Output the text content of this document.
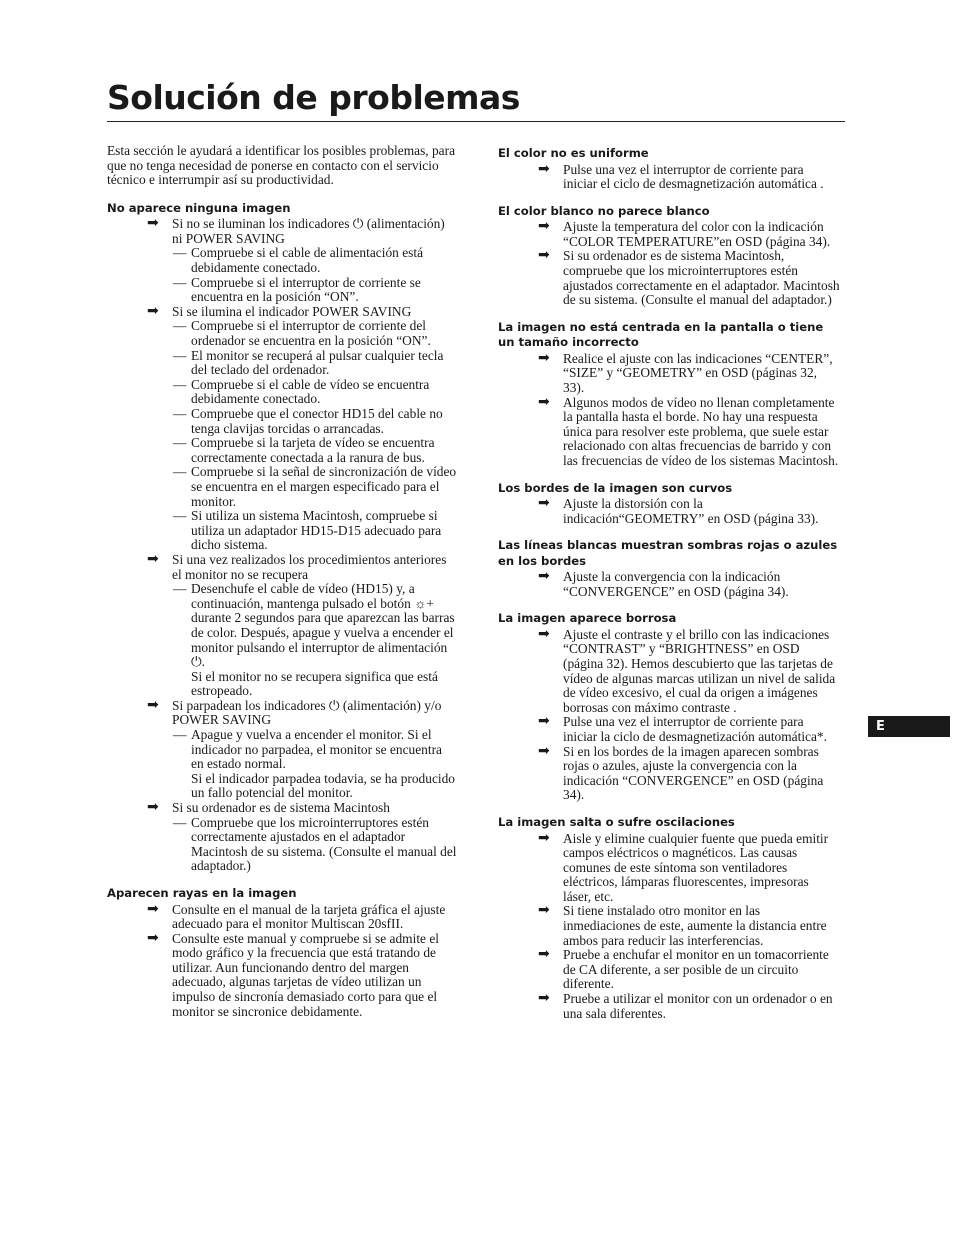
Solución de problemas

Esta sección le ayudará a identificar los posibles problemas, para que no tenga necesidad de ponerse en contacto con el servicio técnico e interrumpir así su productividad.

No aparece ninguna imagen
➡ Si no se iluminan los indicadores ⏻ (alimentación) ni POWER SAVING
— Compruebe si el cable de alimentación está debidamente conectado.
— Compruebe si el interruptor de corriente se encuentra en la posición “ON”.
➡ Si se ilumina el indicador POWER SAVING
— Compruebe si el interruptor de corriente del ordenador se encuentra en la posición “ON”.
— El monitor se recuperá al pulsar cualquier tecla del teclado del ordenador.
— Compruebe si el cable de vídeo se encuentra debidamente conectado.
— Compruebe que el conector HD15 del cable no tenga clavijas torcidas o arrancadas.
— Compruebe si la tarjeta de vídeo se encuentra correctamente conectada a la ranura de bus.
— Compruebe si la señal de sincronización de vídeo se encuentra en el margen especificado para el monitor.
— Si utiliza un sistema Macintosh, compruebe si utiliza un adaptador HD15-D15 adecuado para dicho sistema.
➡ Si una vez realizados los procedimientos anteriores el monitor no se recupera
— Desenchufe el cable de vídeo (HD15) y, a continuación, mantenga pulsado el botón ☼+ durante 2 segundos para que aparezcan las barras de color. Después, apague y vuelva a encender el monitor pulsando el interruptor de alimentación ⏻.
Si el monitor no se recupera significa que está estropeado.
➡ Si parpadean los indicadores ⏻ (alimentación) y/o POWER SAVING
— Apague y vuelva a encender el monitor. Si el indicador no parpadea, el monitor se encuentra en estado normal.
Si el indicador parpadea todavia, se ha producido un fallo potencial del monitor.
➡ Si su ordenador es de sistema Macintosh
— Compruebe que los microinterruptores estén correctamente ajustados en el adaptador Macintosh de su sistema. (Consulte el manual del adaptador.)
Aparecen rayas en la imagen
➡ Consulte en el manual de la tarjeta gráfica el ajuste adecuado para el monitor Multiscan 20sfII.
➡ Consulte este manual y compruebe si se admite el modo gráfico y la frecuencia que está tratando de utilizar. Aun funcionando dentro del margen adecuado, algunas tarjetas de vídeo utilizan un impulso de sincronía demasiado corto para que el monitor se sincronice debidamente.
El color no es uniforme
➡ Pulse una vez el interruptor de corriente para iniciar el ciclo de desmagnetización automática .
El color blanco no parece blanco
➡ Ajuste la temperatura del color con la indicación “COLOR TEMPERATURE”en OSD (página 34).
➡ Si su ordenador es de sistema Macintosh, compruebe que los microinterruptores estén ajustados correctamente en el adaptador. Macintosh de su sistema. (Consulte el manual del adaptador.)
La imagen no está centrada en la pantalla o tiene un tamaño incorrecto
➡ Realice el ajuste con las indicaciones “CENTER”, “SIZE” y “GEOMETRY” en OSD (páginas 32, 33).
➡ Algunos modos de vídeo no llenan completamente la pantalla hasta el borde. No hay una respuesta única para resolver este problema, que suele estar relacionado con altas frecuencias de barrido y con las frecuencias de vídeo de los sistemas Macintosh.
Los bordes de la imagen son curvos
➡ Ajuste la distorsión con la indicación“GEOMETRY” en OSD (página 33).
Las líneas blancas muestran sombras rojas o azules en los bordes
➡ Ajuste la convergencia con la indicación “CONVERGENCE” en OSD (página 34).
La imagen aparece borrosa
➡ Ajuste el contraste y el brillo con las indicaciones “CONTRAST” y “BRIGHTNESS” en OSD (página 32). Hemos descubierto que las tarjetas de vídeo de algunas marcas utilizan un nivel de salida de vídeo excesivo, el cual da origen a imágenes borrosas con máximo contraste .
➡ Pulse una vez el interruptor de corriente para iniciar la ciclo de desmagnetización automática*.
➡ Si en los bordes de la imagen aparecen sombras rojas o azules, ajuste la convergencia con la indicación “CONVERGENCE” en OSD (página 34).
La imagen salta o sufre oscilaciones
➡ Aisle y elimine cualquier fuente que pueda emitir campos eléctricos o magnéticos. Las causas comunes de este síntoma son ventiladores eléctricos, lámparas fluorescentes, impresoras láser, etc.
➡ Si tiene instalado otro monitor en las inmediaciones de este, aumente la distancia entre ambos para reducir las interferencias.
➡ Pruebe a enchufar el monitor en un tomacorriente de CA diferente, a ser posible de un circuito diferente.
➡ Pruebe a utilizar el monitor con un ordenador o en una sala diferentes.
E
